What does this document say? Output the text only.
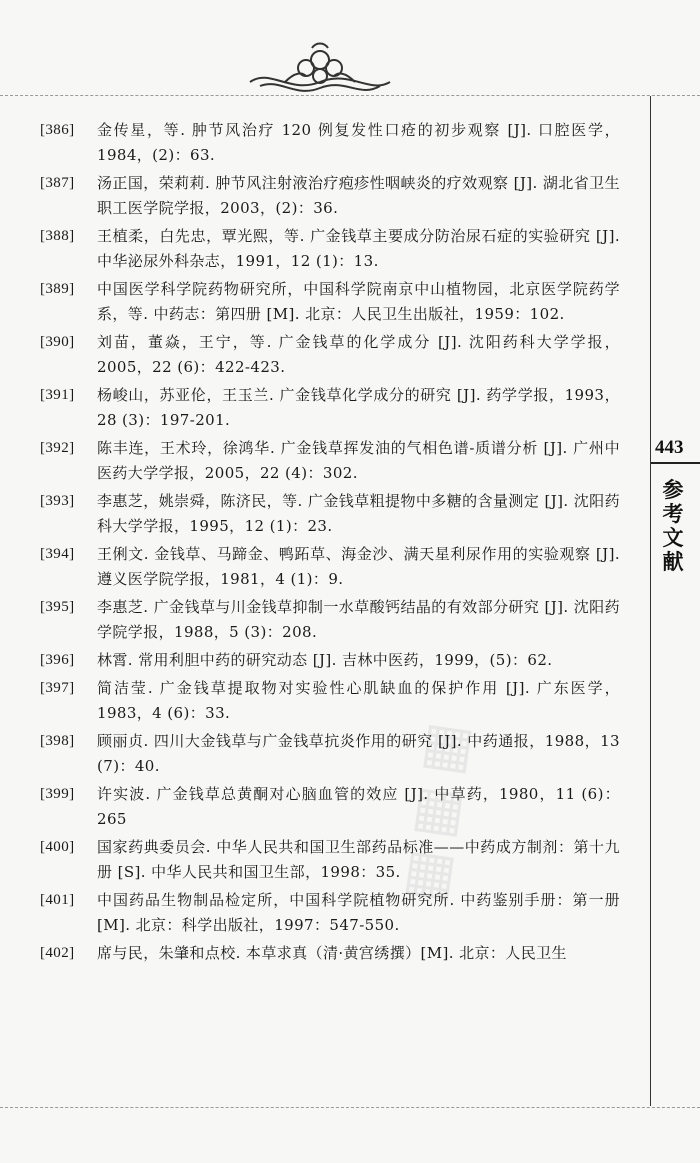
▦
▦
▦
[386]	金传星，等. 肿节风治疗 120 例复发性口疮的初步观察 [J]. 口腔医学，1984，(2)：63.
[387]	汤正国，荣莉莉. 肿节风注射液治疗疱疹性咽峡炎的疗效观察 [J]. 湖北省卫生职工医学院学报，2003，(2)：36.
[388]	王植柔，白先忠，覃光熙，等. 广金钱草主要成分防治尿石症的实验研究 [J]. 中华泌尿外科杂志，1991，12 (1)：13.
[389]	中国医学科学院药物研究所，中国科学院南京中山植物园，北京医学院药学系，等. 中药志：第四册 [M]. 北京：人民卫生出版社，1959：102.
[390]	刘苗，董焱，王宁，等. 广金钱草的化学成分 [J]. 沈阳药科大学学报，2005，22 (6)：422-423.
[391]	杨峻山，苏亚伦，王玉兰. 广金钱草化学成分的研究 [J]. 药学学报，1993，28 (3)：197-201.
[392]	陈丰连，王术玲，徐鸿华. 广金钱草挥发油的气相色谱-质谱分析 [J]. 广州中医药大学学报，2005，22 (4)：302.
[393]	李惠芝，姚崇舜，陈济民，等. 广金钱草粗提物中多糖的含量测定 [J]. 沈阳药科大学学报，1995，12 (1)：23.
[394]	王俐文. 金钱草、马蹄金、鸭跖草、海金沙、满天星利尿作用的实验观察 [J]. 遵义医学院学报，1981，4 (1)：9.
[395]	李惠芝. 广金钱草与川金钱草抑制一水草酸钙结晶的有效部分研究 [J]. 沈阳药学院学报，1988，5 (3)：208.
[396]	林霄. 常用利胆中药的研究动态 [J]. 吉林中医药，1999，(5)：62.
[397]	简洁莹. 广金钱草提取物对实验性心肌缺血的保护作用 [J]. 广东医学，1983，4 (6)：33.
[398]	顾丽贞. 四川大金钱草与广金钱草抗炎作用的研究 [J]. 中药通报，1988，13 (7)：40.
[399]	许实波. 广金钱草总黄酮对心脑血管的效应 [J]. 中草药，1980，11 (6)：265
[400]	国家药典委员会. 中华人民共和国卫生部药品标准——中药成方制剂：第十九册 [S]. 中华人民共和国卫生部，1998：35.
[401]	中国药品生物制品检定所，中国科学院植物研究所. 中药鉴别手册：第一册 [M]. 北京：科学出版社，1997：547-550.
[402]	席与民，朱肇和点校. 本草求真（清·黄宫绣撰）[M]. 北京：人民卫生
443
参
考
文
献
